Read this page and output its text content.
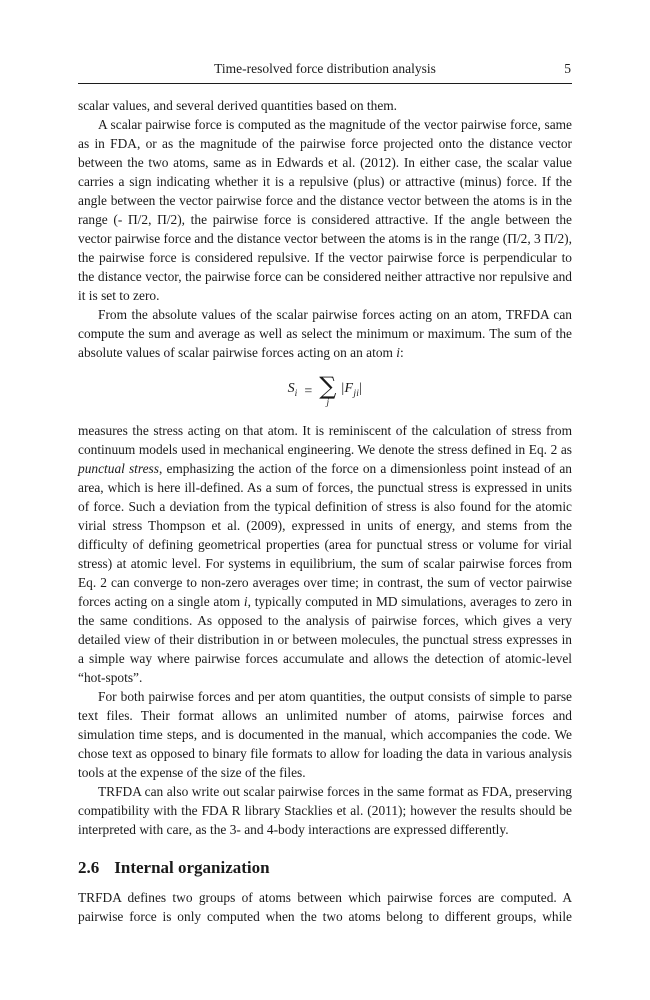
Time-resolved force distribution analysis	5

scalar values, and several derived quantities based on them.

A scalar pairwise force is computed as the magnitude of the vector pairwise force, same as in FDA, or as the magnitude of the pairwise force projected onto the distance vector between the two atoms, same as in Edwards et al. (2012). In either case, the scalar value carries a sign indicating whether it is a repulsive (plus) or attractive (minus) force. If the angle between the vector pairwise force and the distance vector between the atoms is in the range (- Π/2, Π/2), the pairwise force is considered attractive. If the angle between the vector pairwise force and the distance vector between the atoms is in the range (Π/2, 3 Π/2), the pairwise force is considered repulsive. If the vector pairwise force is perpendicular to the distance vector, the pairwise force can be considered neither attractive nor repulsive and it is set to zero.

From the absolute values of the scalar pairwise forces acting on an atom, TRFDA can compute the sum and average as well as select the minimum or maximum. The sum of the absolute values of scalar pairwise forces acting on an atom i:

$S_i$ = ∑
j
$|F_{ji}|$

measures the stress acting on that atom. It is reminiscent of the calculation of stress from continuum models used in mechanical engineering. We denote the stress defined in Eq. 2 as punctual stress, emphasizing the action of the force on a dimensionless point instead of an area, which is here ill-defined. As a sum of forces, the punctual stress is expressed in units of force. Such a deviation from the typical definition of stress is also found for the atomic virial stress Thompson et al. (2009), expressed in units of energy, and stems from the difficulty of defining geometrical properties (area for punctual stress or volume for virial stress) at atomic level. For systems in equilibrium, the sum of scalar pairwise forces from Eq. 2 can converge to non-zero averages over time; in contrast, the sum of vector pairwise forces acting on a single atom i, typically computed in MD simulations, averages to zero in the same conditions. As opposed to the analysis of pairwise forces, which gives a very detailed view of their distribution in or between molecules, the punctual stress expresses in a simple way where pairwise forces accumulate and allows the detection of atomic-level “hot-spots”.

For both pairwise forces and per atom quantities, the output consists of simple to parse text files. Their format allows an unlimited number of atoms, pairwise forces and simulation time steps, and is documented in the manual, which accompanies the code. We chose text as opposed to binary file formats to allow for loading the data in various analysis tools at the expense of the size of the files.

TRFDA can also write out scalar pairwise forces in the same format as FDA, preserving compatibility with the FDA R library Stacklies et al. (2011); however the results should be interpreted with care, as the 3- and 4-body interactions are expressed differently.

2.6 Internal organization

TRFDA defines two groups of atoms between which pairwise forces are computed. A pairwise force is only computed when the two atoms belong to different groups, while
